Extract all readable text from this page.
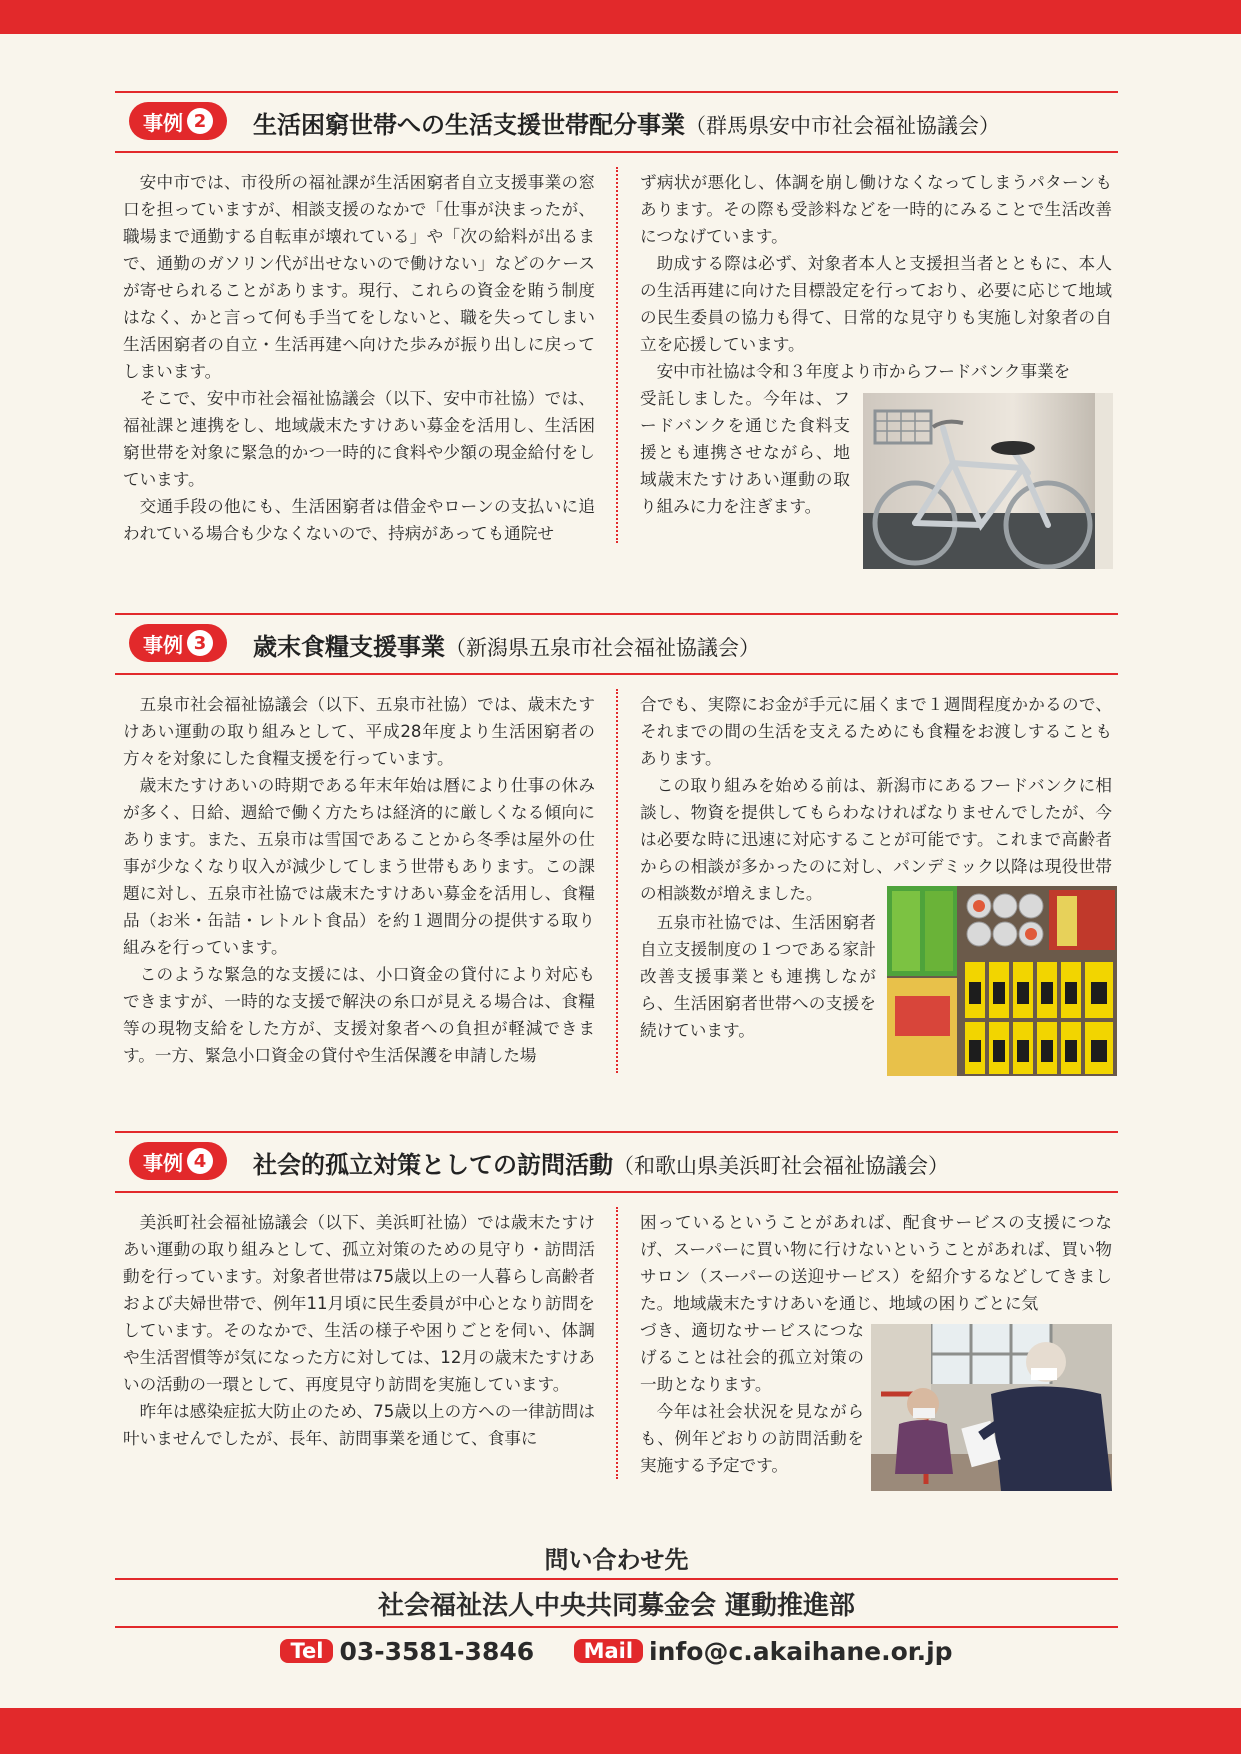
事例 2 生活困窮世帯への生活支援世帯配分事業（群馬県安中市社会福祉協議会）

安中市では、市役所の福祉課が生活困窮者自立支援事業の窓口を担っていますが、相談支援のなかで「仕事が決まったが、職場まで通勤する自転車が壊れている」や「次の給料が出るまで、通勤のガソリン代が出せないので働けない」などのケースが寄せられることがあります。現行、これらの資金を賄う制度はなく、かと言って何も手当てをしないと、職を失ってしまい生活困窮者の自立・生活再建へ向けた歩みが振り出しに戻ってしまいます。

そこで、安中市社会福祉協議会（以下、安中市社協）では、福祉課と連携をし、地域歳末たすけあい募金を活用し、生活困窮世帯を対象に緊急的かつ一時的に食料や少額の現金給付をしています。

交通手段の他にも、生活困窮者は借金やローンの支払いに追われている場合も少なくないので、持病があっても通院せ

ず病状が悪化し、体調を崩し働けなくなってしまうパターンもあります。その際も受診料などを一時的にみることで生活改善につなげています。

助成する際は必ず、対象者本人と支援担当者とともに、本人の生活再建に向けた目標設定を行っており、必要に応じて地域の民生委員の協力も得て、日常的な見守りも実施し対象者の自立を応援しています。

安中市社協は令和３年度より市からフードバンク事業を

受託しました。今年は、フードバンクを通じた食料支援とも連携させながら、地域歳末たすけあい運動の取り組みに力を注ぎます。

事例 3 歳末食糧支援事業（新潟県五泉市社会福祉協議会）

五泉市社会福祉協議会（以下、五泉市社協）では、歳末たすけあい運動の取り組みとして、平成28年度より生活困窮者の方々を対象にした食糧支援を行っています。

歳末たすけあいの時期である年末年始は暦により仕事の休みが多く、日給、週給で働く方たちは経済的に厳しくなる傾向にあります。また、五泉市は雪国であることから冬季は屋外の仕事が少なくなり収入が減少してしまう世帯もあります。この課題に対し、五泉市社協では歳末たすけあい募金を活用し、食糧品（お米・缶詰・レトルト食品）を約１週間分の提供する取り組みを行っています。

このような緊急的な支援には、小口資金の貸付により対応もできますが、一時的な支援で解決の糸口が見える場合は、食糧等の現物支給をした方が、支援対象者への負担が軽減できます。一方、緊急小口資金の貸付や生活保護を申請した場

合でも、実際にお金が手元に届くまで１週間程度かかるので、それまでの間の生活を支えるためにも食糧をお渡しすることもあります。

この取り組みを始める前は、新潟市にあるフードバンクに相談し、物資を提供してもらわなければなりませんでしたが、今は必要な時に迅速に対応することが可能です。これまで高齢者からの相談が多かったのに対し、パンデミック以降は現役世帯の相談数が増えました。

五泉市社協では、生活困窮者自立支援制度の１つである家計改善支援事業とも連携しながら、生活困窮者世帯への支援を続けています。

事例 4 社会的孤立対策としての訪問活動（和歌山県美浜町社会福祉協議会）

美浜町社会福祉協議会（以下、美浜町社協）では歳末たすけあい運動の取り組みとして、孤立対策のための見守り・訪問活動を行っています。対象者世帯は75歳以上の一人暮らし高齢者および夫婦世帯で、例年11月頃に民生委員が中心となり訪問をしています。そのなかで、生活の様子や困りごとを伺い、体調や生活習慣等が気になった方に対しては、12月の歳末たすけあいの活動の一環として、再度見守り訪問を実施しています。

昨年は感染症拡大防止のため、75歳以上の方への一律訪問は叶いませんでしたが、長年、訪問事業を通じて、食事に

困っているということがあれば、配食サービスの支援につなげ、スーパーに買い物に行けないということがあれば、買い物サロン（スーパーの送迎サービス）を紹介するなどしてきました。地域歳末たすけあいを通じ、地域の困りごとに気

づき、適切なサービスにつなげることは社会的孤立対策の一助となります。

今年は社会状況を見ながらも、例年どおりの訪問活動を実施する予定です。

問い合わせ先
社会福祉法人中央共同募金会 運動推進部
Tel 03-3581-3846 Mail info@c.akaihane.or.jp
